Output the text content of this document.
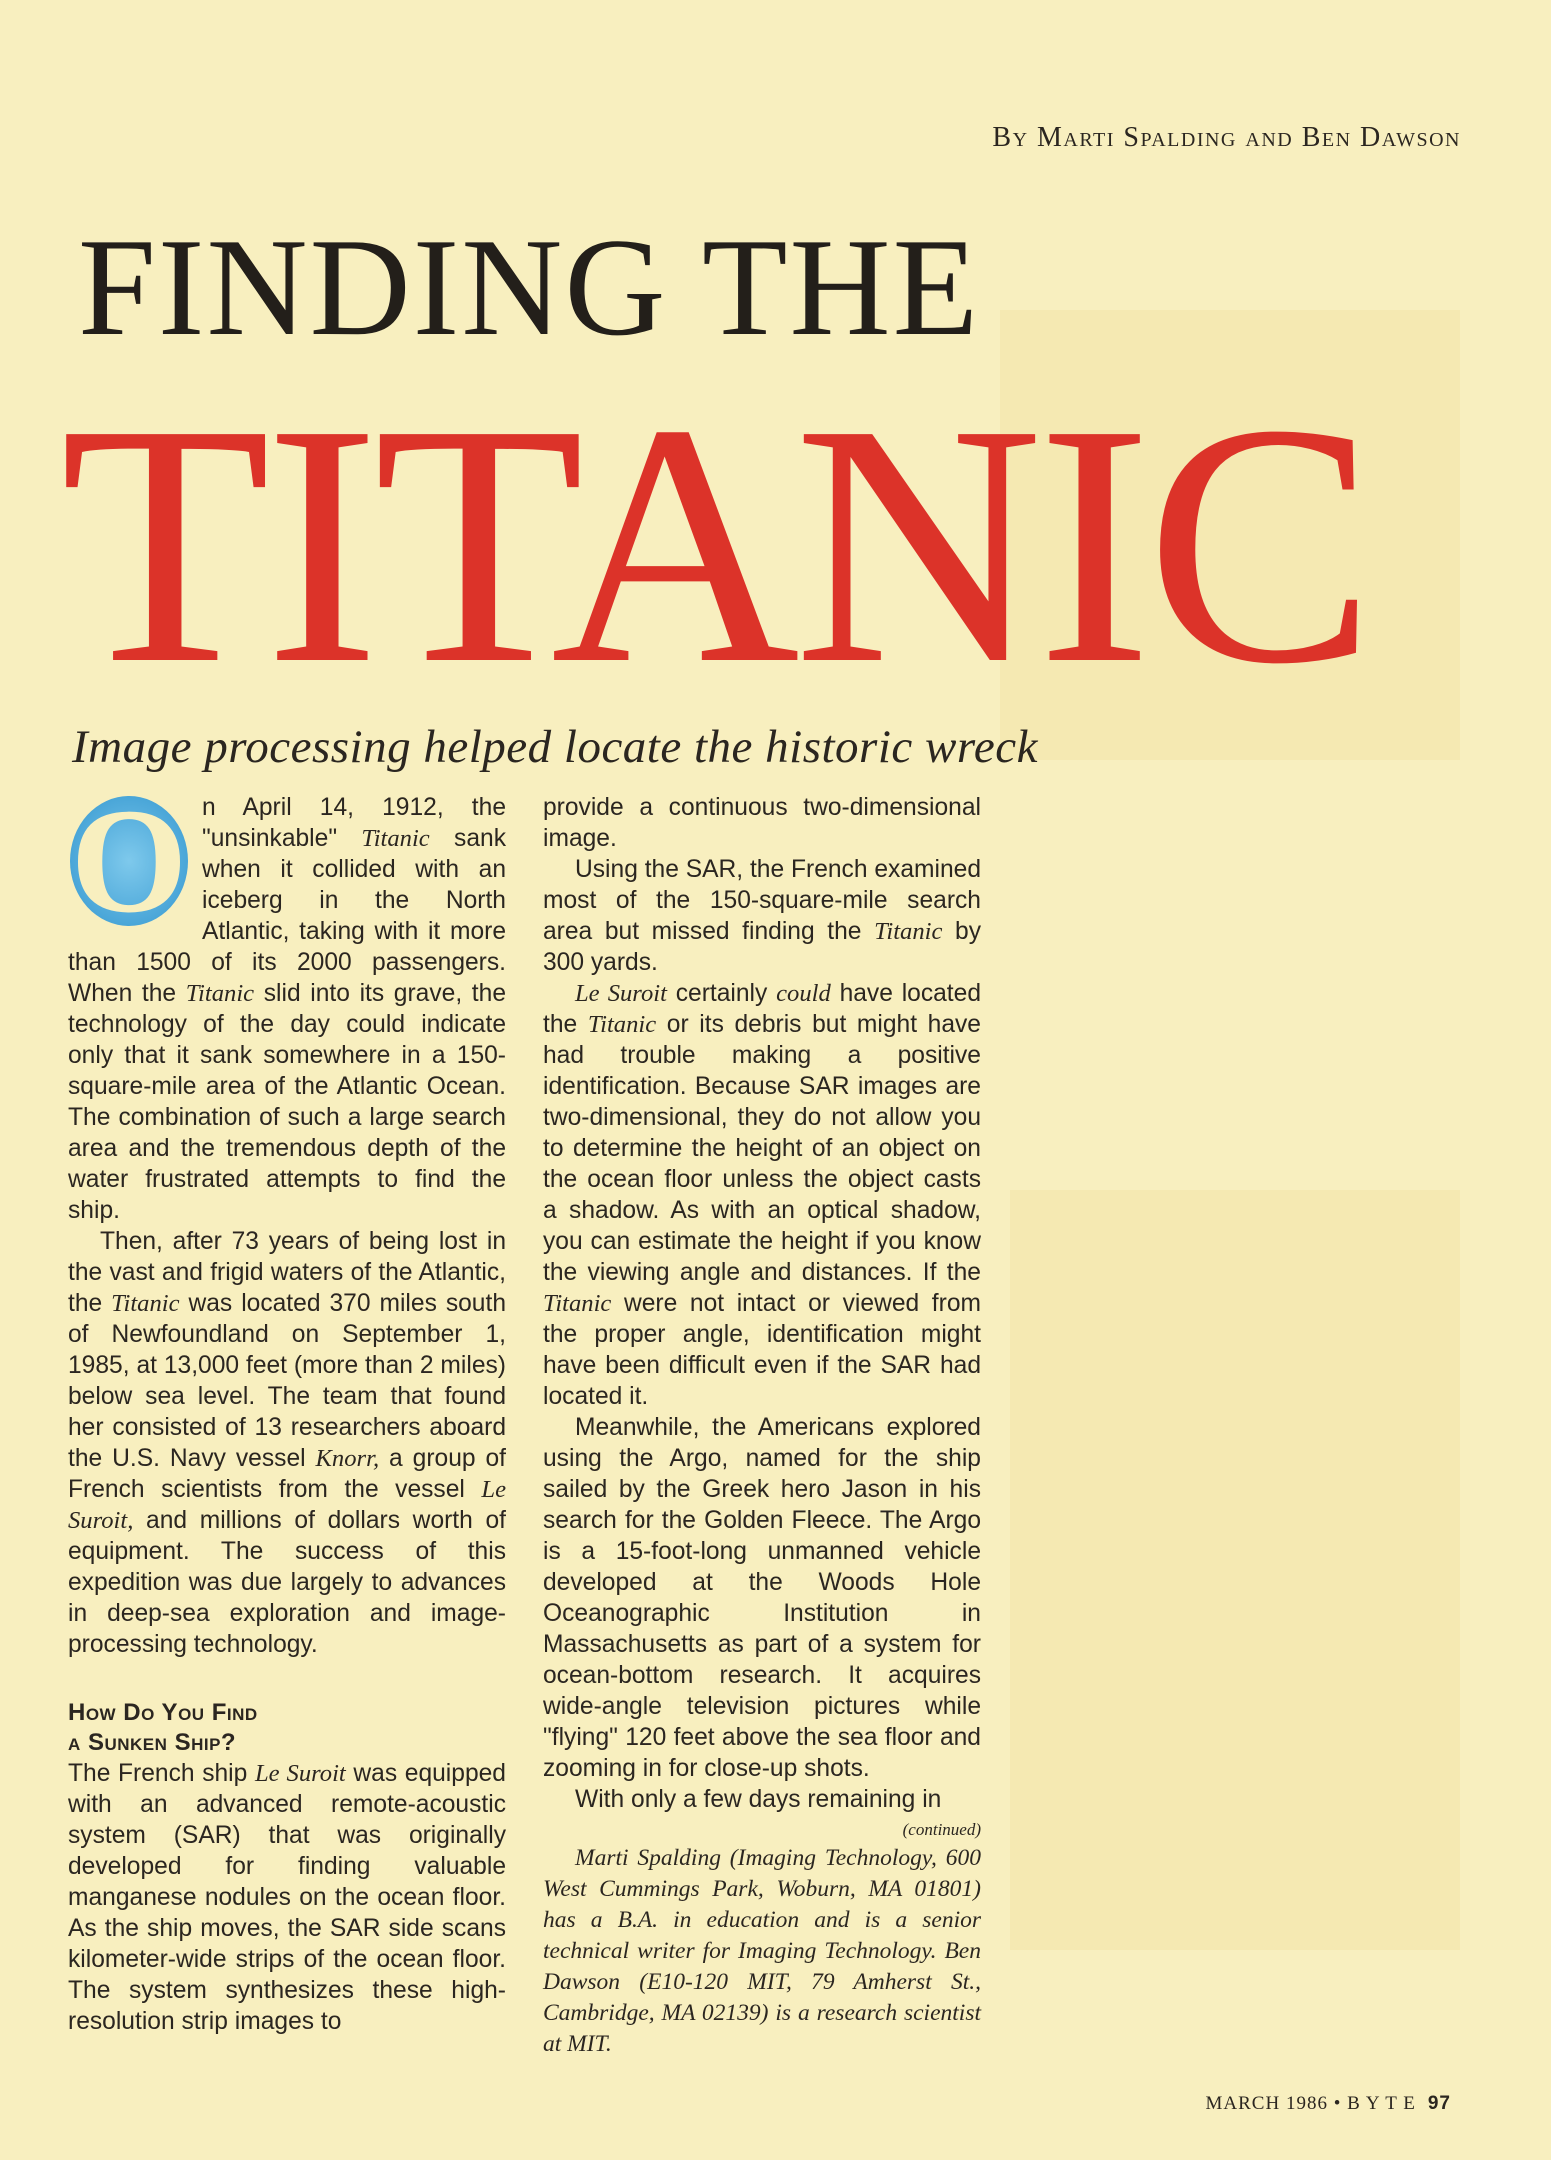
By Marti Spalding and Ben Dawson
FINDING THE
TITANIC
Image processing helped locate the historic wreck

O n April 14, 1912, the "unsinkable" Titanic sank when it collided with an iceberg in the North Atlantic, taking with it more than 1500 of its 2000 passengers. When the Titanic slid into its grave, the technology of the day could indicate only that it sank somewhere in a 150-square-mile area of the Atlantic Ocean. The combination of such a large search area and the tremendous depth of the water frustrated attempts to find the ship.

Then, after 73 years of being lost in the vast and frigid waters of the Atlantic, the Titanic was located 370 miles south of Newfoundland on September 1, 1985, at 13,000 feet (more than 2 miles) below sea level. The team that found her consisted of 13 researchers aboard the U.S. Navy vessel Knorr, a group of French scientists from the vessel Le Suroit, and millions of dollars worth of equipment. The success of this expedition was due largely to advances in deep-sea exploration and image-processing technology.

How Do You Find
a Sunken Ship?

The French ship Le Suroit was equipped with an advanced remote-acoustic system (SAR) that was originally developed for finding valuable manganese nodules on the ocean floor. As the ship moves, the SAR side scans kilometer-wide strips of the ocean floor. The system synthesizes these high-resolution strip images to

provide a continuous two-dimensional image.

Using the SAR, the French examined most of the 150-square-mile search area but missed finding the Titanic by 300 yards.

Le Suroit certainly could have located the Titanic or its debris but might have had trouble making a positive identification. Because SAR images are two-dimensional, they do not allow you to determine the height of an object on the ocean floor unless the object casts a shadow. As with an optical shadow, you can estimate the height if you know the viewing angle and distances. If the Titanic were not intact or viewed from the proper angle, identification might have been difficult even if the SAR had located it.

Meanwhile, the Americans explored using the Argo, named for the ship sailed by the Greek hero Jason in his search for the Golden Fleece. The Argo is a 15-foot-long unmanned vehicle developed at the Woods Hole Oceanographic Institution in Massachusetts as part of a system for ocean-bottom research. It acquires wide-angle television pictures while "flying" 120 feet above the sea floor and zooming in for close-up shots.

With only a few days remaining in

(continued)

Marti Spalding (Imaging Technology, 600 West Cummings Park, Woburn, MA 01801) has a B.A. in education and is a senior technical writer for Imaging Technology. Ben Dawson (E10-120 MIT, 79 Amherst St., Cambridge, MA 02139) is a research scientist at MIT.

MARCH 1986 • B Y T E 97
